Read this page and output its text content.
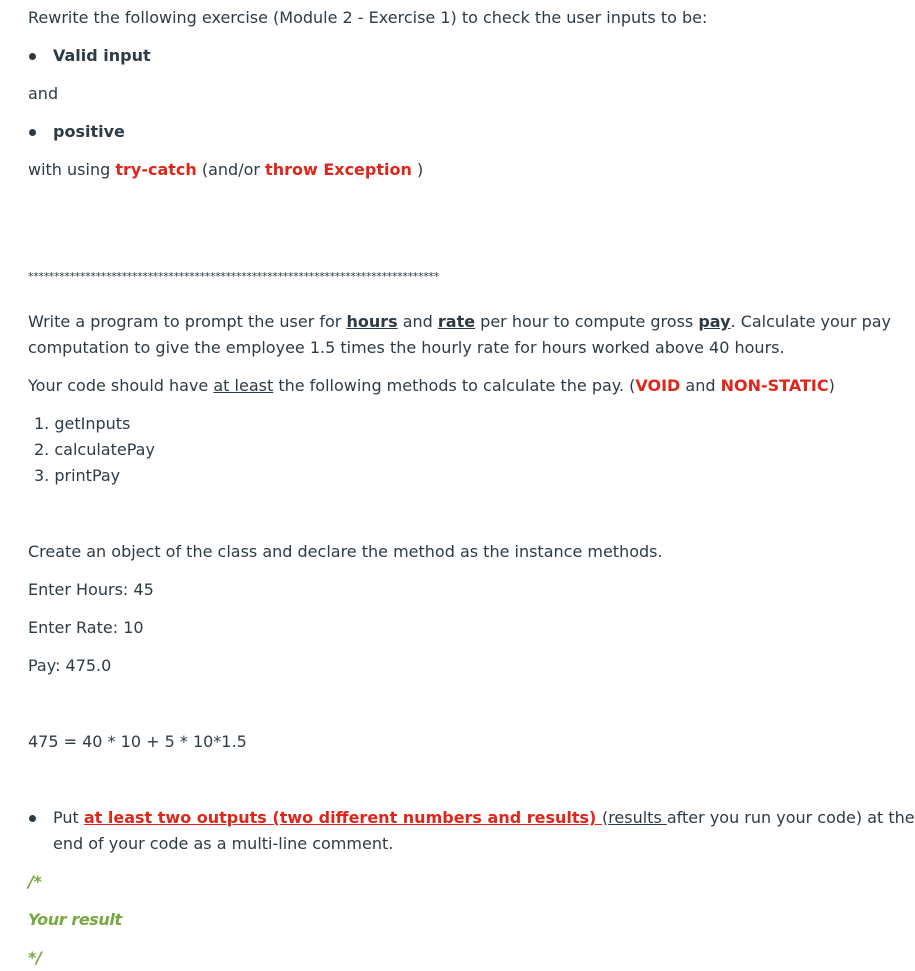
Rewrite the following exercise (Module 2 - Exercise 1) to check the user inputs to be:
Valid input
and
positive
with using try-catch (and/or throw Exception )
*******************************************************************************
Write a program to prompt the user for hours and rate per hour to compute gross pay. Calculate your pay
computation to give the employee 1.5 times the hourly rate for hours worked above 40 hours.
Your code should have at least the following methods to calculate the pay. (VOID and NON-STATIC)
1. getInputs
2. calculatePay
3. printPay
Create an object of the class and declare the method as the instance methods.
Enter Hours: 45
Enter Rate: 10
Pay: 475.0
475 = 40 * 10 + 5 * 10*1.5
Put at least two outputs (two different numbers and results) (results after you run your code) at the
end of your code as a multi-line comment.
/*
Your result
*/
